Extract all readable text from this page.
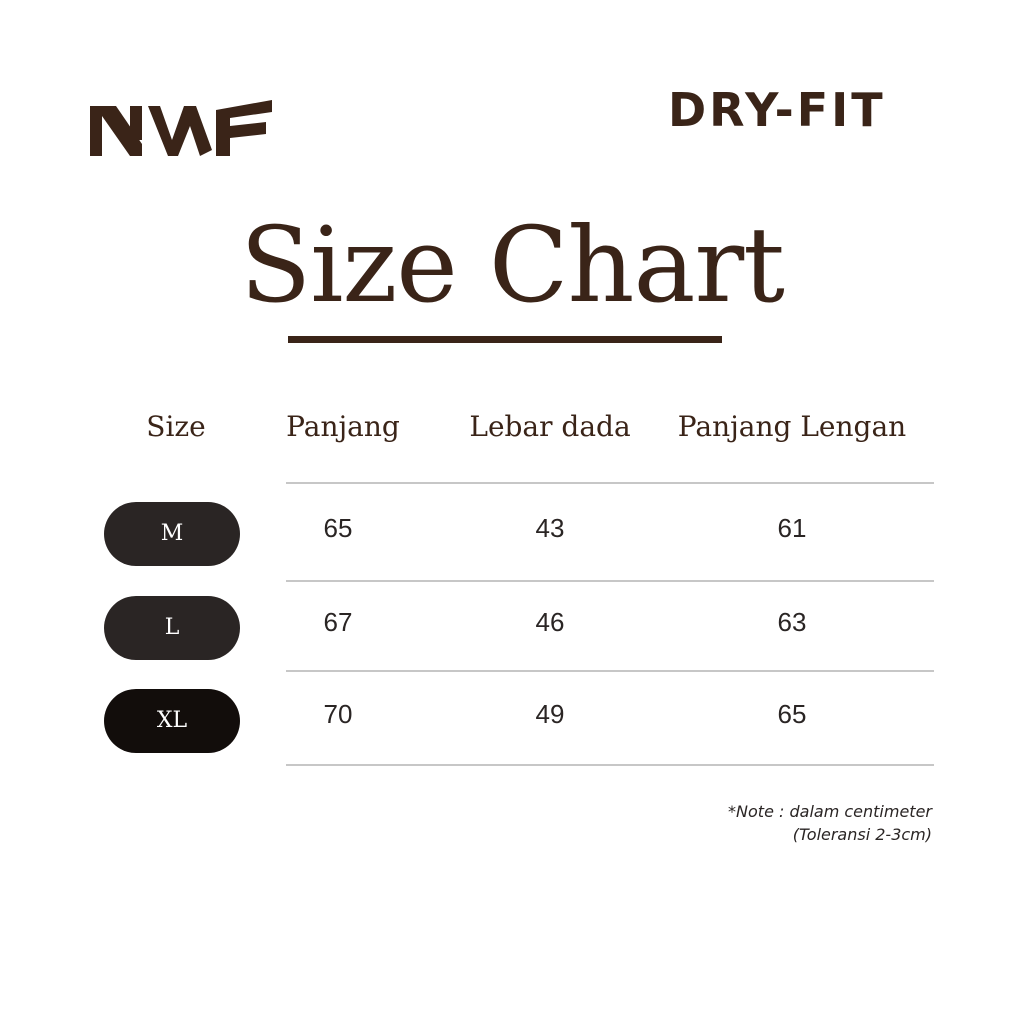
DRY-FIT
Size Chart
Size	Panjang	Lebar dada	Panjang Lengan
M	65	43	61
L	67	46	63
XL	70	49	65
*Note : dalam centimeter
(Toleransi 2-3cm)
